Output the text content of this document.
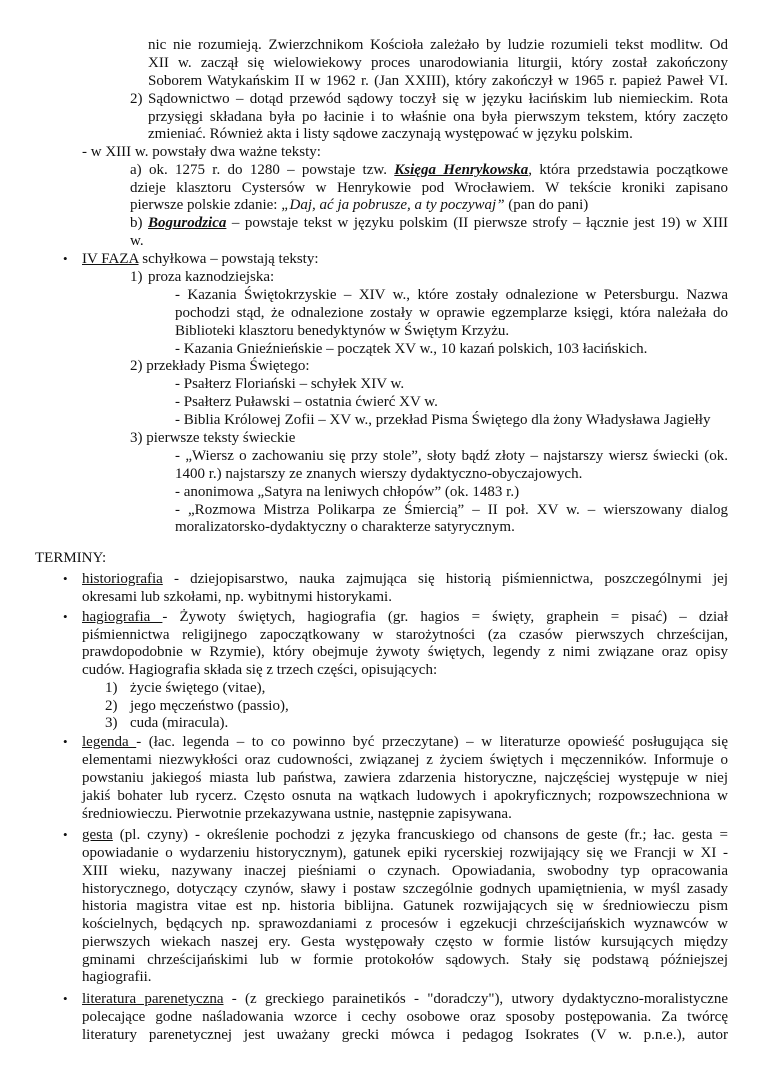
nic nie rozumieją. Zwierzchnikom Kościoła zależało by ludzie rozumieli tekst modlitw. Od
XII w. zaczął się wielowiekowy proces unarodowiania liturgii, który został zakończony
Soborem Watykańskim II w 1962 r. (Jan XXIII), który zakończył w 1965 r. papież Paweł VI.
2) Sądownictwo – dotąd przewód sądowy toczył się w języku łacińskim lub niemieckim. Rota
przysięgi składana była po łacinie i to właśnie ona była pierwszym tekstem, który zaczęto
zmieniać. Również akta i listy sądowe zaczynają występować w języku polskim.
- w XIII w. powstały dwa ważne teksty:
a) ok. 1275 r. do 1280 – powstaje tzw. Księga Henrykowska, która przedstawia początkowe
dzieje klasztoru Cystersów w Henrykowie pod Wrocławiem. W tekście kroniki zapisano
pierwsze polskie zdanie: „Daj, ać ja pobrusze, a ty poczywaj” (pan do pani)
b) Bogurodzica – powstaje tekst w języku polskim (II pierwsze strofy – łącznie jest 19) w XIII
w.
• IV FAZA schyłkowa – powstają teksty:
1) proza kaznodziejska:
- Kazania Świętokrzyskie – XIV w., które zostały odnalezione w Petersburgu. Nazwa
pochodzi stąd, że odnalezione zostały w oprawie egzemplarze księgi, która należała do
Biblioteki klasztoru benedyktynów w Świętym Krzyżu.
- Kazania Gnieźnieńskie – początek XV w., 10 kazań polskich, 103 łacińskich.
2) przekłady Pisma Świętego:
- Psałterz Floriański – schyłek XIV w.
- Psałterz Puławski – ostatnia ćwierć XV w.
- Biblia Królowej Zofii – XV w., przekład Pisma Świętego dla żony Władysława Jagiełły
3) pierwsze teksty świeckie
- „Wiersz o zachowaniu się przy stole”, słoty bądź złoty – najstarszy wiersz świecki (ok.
1400 r.) najstarszy ze znanych wierszy dydaktyczno-obyczajowych.
- anonimowa „Satyra na leniwych chłopów” (ok. 1483 r.)
- „Rozmowa Mistrza Polikarpa ze Śmiercią” – II poł. XV w. – wierszowany dialog
moralizatorsko-dydaktyczny o charakterze satyrycznym.
TERMINY:
• historiografia - dziejopisarstwo, nauka zajmująca się historią piśmiennictwa, poszczególnymi jej
okresami lub szkołami, np. wybitnymi historykami.
• hagiografia - Żywoty świętych, hagiografia (gr. hagios = święty, graphein = pisać) – dział
piśmiennictwa religijnego zapoczątkowany w starożytności (za czasów pierwszych chrześcijan,
prawdopodobnie w Rzymie), który obejmuje żywoty świętych, legendy z nimi związane oraz opisy
cudów. Hagiografia składa się z trzech części, opisujących:
1) życie świętego (vitae),
2) jego męczeństwo (passio),
3) cuda (miracula).
• legenda - (łac. legenda – to co powinno być przeczytane) – w literaturze opowieść posługująca się
elementami niezwykłości oraz cudowności, związanej z życiem świętych i męczenników. Informuje o
powstaniu jakiegoś miasta lub państwa, zawiera zdarzenia historyczne, najczęściej występuje w niej
jakiś bohater lub rycerz. Często osnuta na wątkach ludowych i apokryficznych; rozpowszechniona w
średniowieczu. Pierwotnie przekazywana ustnie, następnie zapisywana.
• gesta (pl. czyny) - określenie pochodzi z języka francuskiego od chansons de geste (fr.; łac. gesta =
opowiadanie o wydarzeniu historycznym), gatunek epiki rycerskiej rozwijający się we Francji w XI -
XIII wieku, nazywany inaczej pieśniami o czynach. Opowiadania, swobodny typ opracowania
historycznego, dotyczący czynów, sławy i postaw szczególnie godnych upamiętnienia, w myśl zasady
historia magistra vitae est np. historia biblijna. Gatunek rozwijających się w średniowieczu pism
kościelnych, będących np. sprawozdaniami z procesów i egzekucji chrześcijańskich wyznawców w
pierwszych wiekach naszej ery. Gesta występowały często w formie listów kursujących między
gminami chrześcijańskimi lub w formie protokołów sądowych. Stały się podstawą późniejszej
hagiografii.
• literatura parenetyczna - (z greckiego parainetikós - "doradczy"), utwory dydaktyczno-moralistyczne
polecające godne naśladowania wzorce i cechy osobowe oraz sposoby postępowania. Za twórcę
literatury parenetycznej jest uważany grecki mówca i pedagog Isokrates (V w. p.n.e.), autor
